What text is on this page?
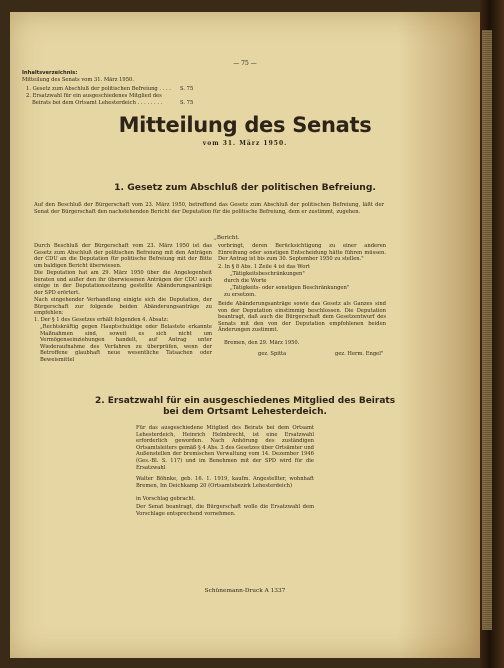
— 75 —
Inhaltsverzeichnis:
Mitteilung des Senats vom 31. März 1950.
1. Gesetz zum Abschluß der politischen Befreiung . . . . S. 75
2. Ersatzwahl für ein ausgeschiedenes Mitglied des
Beirats bei dem Ortsamt Lehesterdeich . . . . . . . .	S. 75
Mitteilung des Senats
vom 31. März 1950.
1. Gesetz zum Abschluß der politischen Befreiung.
Auf den Beschluß der Bürgerschaft vom 23. März 1950, betreffend das Gesetz zum Abschluß der politischen Befreiung, läßt der Senat der Bürgerschaft den nachstehenden Bericht der Deputation für die politische Befreiung, dem er zustimmt, zugehen.
„Bericht.
Durch Beschluß der Bürgerschaft vom 23. März 1950 ist das Gesetz zum Abschluß der politischen Befreiung mit den Anträgen der CDU an die Deputation für politische Befreiung mit der Bitte um baldigen Bericht überwiesen.
Die Deputation hat am 29. März 1950 über die Angelegenheit beraten und außer den ihr überwiesenen Anträgen der CDU auch einige in der Deputationssitzung gestellte Abänderungsanträge der SPD erörtert.
Nach eingehender Verhandlung einigte sich die Deputation, der Bürgerschaft zur folgende beiden Abänderungsanträge zu empfehlen:
1. Der § 1 des Gesetzes erhält folgenden 4. Absatz:
„Rechtskräftig gegen Hauptschuldige oder Belastete erkannte Maßnahmen sind, soweit es sich nicht um Vermögenseinziehungen handelt, auf Antrag unter Wiederaufnahme des Verfahren zu überprüfen, wenn der Betroffene glaubhaft neue wesentliche Tatsachen oder Beweismittel
vorbringt, deren Berücksichtigung zu einer anderen Einreihung oder sonstigen Entscheidung hätte führen müssen. Der Antrag ist bis zum 30. September 1950 zu stellen."
2. In § 8 Abs. 1 Zeile 4 ist das Wort
„Tätigkeitsbeschränkungen"
durch die Worte
„Tätigkeits- oder sonstigen Beschränkungen"
zu ersetzen.
Beide Abänderungsanträge sowie das Gesetz als Ganzes sind von der Deputation einstimmig beschlossen. Die Deputation beantragt, daß auch die Bürgerschaft dem Gesetzentwurf des Senats mit den von der Deputation empfohlenen beiden Änderungen zustimmt.
Bremen, den 29. März 1950.
gez. Spitta	gez. Herm. Engel"
2. Ersatzwahl für ein ausgeschiedenes Mitglied des Beirats
bei dem Ortsamt Lehesterdeich.
Für das ausgeschiedene Mitglied des Beirats bei dem Ortsamt Lehesterdeich, Heinrich Helmbrecht, ist eine Ersatzwahl erforderlich geworden. Nach Anhörung des zuständigen Ortsamtsleiters gemäß § 4 Abs. 3 des Gesetzes über Ortsämter und Außenstellen der bremischen Verwaltung vom 14. Dezember 1946 (Ges.-Bl. S. 117) und im Benehmen mit der SPD wird für die Ersatzwahl
Walter Böhnke, geb. 16. 1. 1919, kaufm. Angestellter, wohnhaft Bremen, Im Deichkamp 20 (Ortsamtsbezirk Lehesterdeich)
in Vorschlag gebracht.
Der Senat beantragt, die Bürgerschaft wolle die Ersatzwahl dem Vorschlage entsprechend vornehmen.
Schünemann-Druck A 1337
